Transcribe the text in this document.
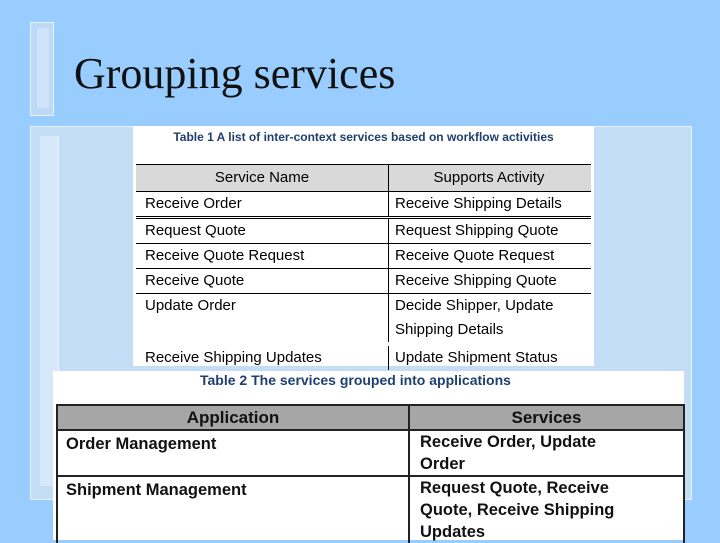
Grouping services
Table 1 A list of inter-context services based on workflow activities
Service Name	Supports Activity
Receive Order	Receive Shipping Details
Request Quote	Request Shipping Quote
Receive Quote Request	Receive Quote Request
Receive Quote	Receive Shipping Quote
Update Order	Decide Shipper, Update
Shipping Details
Receive Shipping Updates	Update Shipment Status
Table 2 The services grouped into applications
Application	Services
Order Management	Receive Order, Update
Order
Shipment Management	Request Quote, Receive
Quote, Receive Shipping
Updates
